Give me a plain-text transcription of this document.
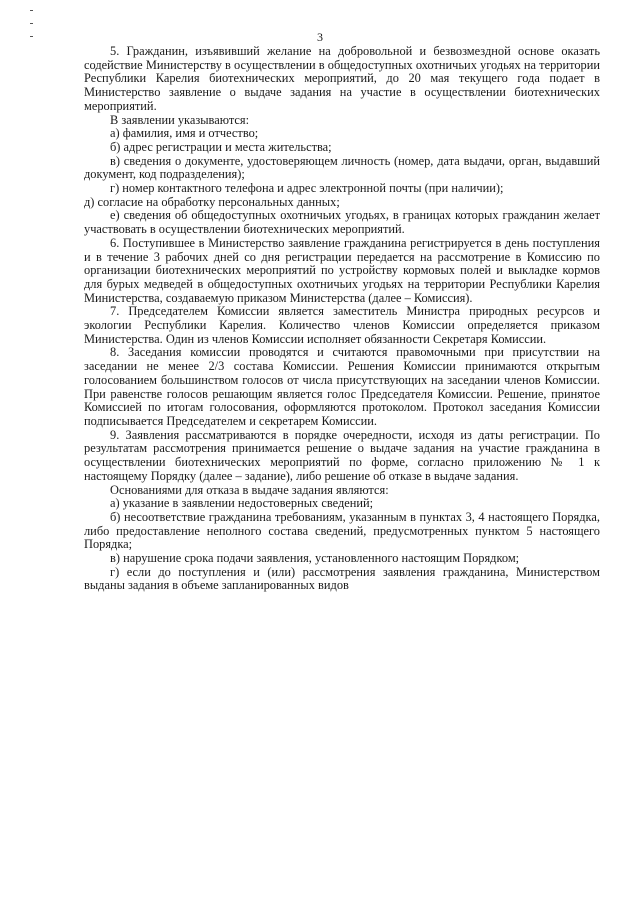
3

5. Гражданин, изъявивший желание на добровольной и безвозмездной основе оказать содействие Министерству в осуществлении в общедоступных охотничьих угодьях на территории Республики Карелия биотехнических мероприятий, до 20 мая текущего года подает в Министерство заявление о выдаче задания на участие в осуществлении биотехнических мероприятий.

В заявлении указываются:

а) фамилия, имя и отчество;

б) адрес регистрации и места жительства;

в) сведения о документе, удостоверяющем личность (номер, дата выдачи, орган, выдавший документ, код подразделения);

г) номер контактного телефона и адрес электронной почты (при наличии);

д) согласие на обработку персональных данных;

е) сведения об общедоступных охотничьих угодьях, в границах которых гражданин желает участвовать в осуществлении биотехнических мероприятий.

6. Поступившее в Министерство заявление гражданина регистрируется в день поступления и в течение 3 рабочих дней со дня регистрации передается на рассмотрение в Комиссию по организации биотехнических мероприятий по устройству кормовых полей и выкладке кормов для бурых медведей в общедоступных охотничьих угодьях на территории Республики Карелия Министерства, создаваемую приказом Министерства (далее – Комиссия).

7. Председателем Комиссии является заместитель Министра природных ресурсов и экологии Республики Карелия. Количество членов Комиссии определяется приказом Министерства. Один из членов Комиссии исполняет обязанности Секретаря Комиссии.

8. Заседания комиссии проводятся и считаются правомочными при присутствии на заседании не менее 2/3 состава Комиссии. Решения Комиссии принимаются открытым голосованием большинством голосов от числа присутствующих на заседании членов Комиссии. При равенстве голосов решающим является голос Председателя Комиссии. Решение, принятое Комиссией по итогам голосования, оформляются протоколом. Протокол заседания Комиссии подписывается Председателем и секретарем Комиссии.

9. Заявления рассматриваются в порядке очередности, исходя из даты регистрации. По результатам рассмотрения принимается решение о выдаче задания на участие гражданина в осуществлении биотехнических мероприятий по форме, согласно приложению № 1 к настоящему Порядку (далее – задание), либо решение об отказе в выдаче задания.

Основаниями для отказа в выдаче задания являются:

а) указание в заявлении недостоверных сведений;

б) несоответствие гражданина требованиям, указанным в пунктах 3, 4 настоящего Порядка, либо предоставление неполного состава сведений, предусмотренных пунктом 5 настоящего Порядка;

в) нарушение срока подачи заявления, установленного настоящим Порядком;

г) если до поступления и (или) рассмотрения заявления гражданина, Министерством выданы задания в объеме запланированных видов
